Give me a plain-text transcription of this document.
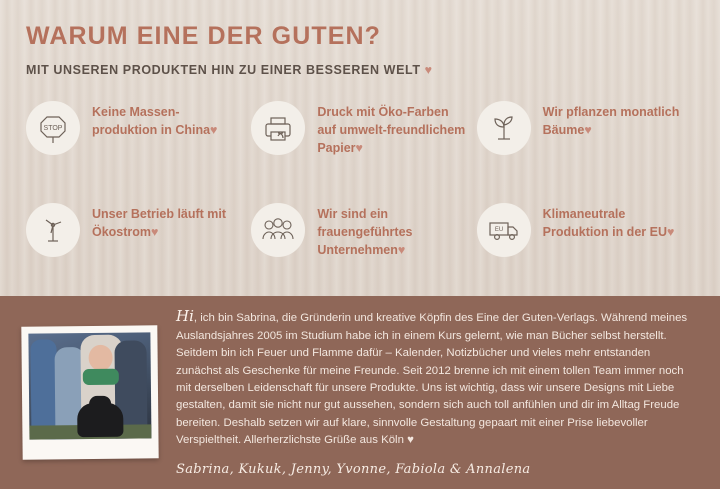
WARUM EINE DER GUTEN?
MIT UNSEREN PRODUKTEN HIN ZU EINER BESSEREN WELT ♥
STOP
Keine Massen-produktion in China♥
Druck mit Öko-Farben auf umwelt-freundlichem Papier♥
Wir pflanzen monatlich Bäume♥
Unser Betrieb läuft mit Ökostrom♥
Wir sind ein frauengeführtes Unternehmen♥
EU
Klimaneutrale Produktion in der EU♥

Hi, ich bin Sabrina, die Gründerin und kreative Köpfin des Eine der Guten-Verlags. Während meines Auslandsjahres 2005 im Studium habe ich in einem Kurs gelernt, wie man Bücher selbst herstellt. Seitdem bin ich Feuer und Flamme dafür – Kalender, Notizbücher und vieles mehr entstanden zunächst als Geschenke für meine Freunde. Seit 2012 brenne ich mit einem tollen Team immer noch mit derselben Leidenschaft für unsere Produkte. Uns ist wichtig, dass wir unsere Designs mit Liebe gestalten, damit sie nicht nur gut aussehen, sondern sich auch toll anfühlen und dir im Alltag Freude bereiten. Deshalb setzen wir auf klare, sinnvolle Gestaltung gepaart mit einer Prise liebevoller Verspieltheit. Allerherzlichste Grüße aus Köln ♥

Sabrina, Kukuk, Jenny, Yvonne, Fabiola & Annalena
